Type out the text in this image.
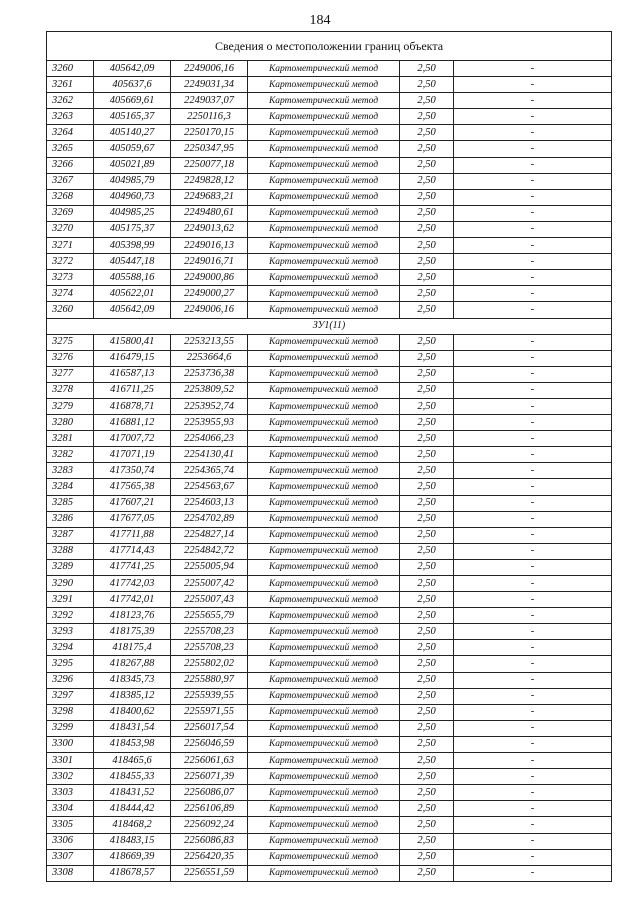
184
Сведения о местоположении границ объекта					
3260	405642,09	2249006,16	Картометрический метод	2,50	-
3261	405637,6	2249031,34	Картометрический метод	2,50	-
3262	405669,61	2249037,07	Картометрический метод	2,50	-
3263	405165,37	2250116,3	Картометрический метод	2,50	-
3264	405140,27	2250170,15	Картометрический метод	2,50	-
3265	405059,67	2250347,95	Картометрический метод	2,50	-
3266	405021,89	2250077,18	Картометрический метод	2,50	-
3267	404985,79	2249828,12	Картометрический метод	2,50	-
3268	404960,73	2249683,21	Картометрический метод	2,50	-
3269	404985,25	2249480,61	Картометрический метод	2,50	-
3270	405175,37	2249013,62	Картометрический метод	2,50	-
3271	405398,99	2249016,13	Картометрический метод	2,50	-
3272	405447,18	2249016,71	Картометрический метод	2,50	-
3273	405588,16	2249000,86	Картометрический метод	2,50	-
3274	405622,01	2249000,27	Картометрический метод	2,50	-
3260	405642,09	2249006,16	Картометрический метод	2,50	-
ЗУ1(11)					
3275	415800,41	2253213,55	Картометрический метод	2,50	-
3276	416479,15	2253664,6	Картометрический метод	2,50	-
3277	416587,13	2253736,38	Картометрический метод	2,50	-
3278	416711,25	2253809,52	Картометрический метод	2,50	-
3279	416878,71	2253952,74	Картометрический метод	2,50	-
3280	416881,12	2253955,93	Картометрический метод	2,50	-
3281	417007,72	2254066,23	Картометрический метод	2,50	-
3282	417071,19	2254130,41	Картометрический метод	2,50	-
3283	417350,74	2254365,74	Картометрический метод	2,50	-
3284	417565,38	2254563,67	Картометрический метод	2,50	-
3285	417607,21	2254603,13	Картометрический метод	2,50	-
3286	417677,05	2254702,89	Картометрический метод	2,50	-
3287	417711,88	2254827,14	Картометрический метод	2,50	-
3288	417714,43	2254842,72	Картометрический метод	2,50	-
3289	417741,25	2255005,94	Картометрический метод	2,50	-
3290	417742,03	2255007,42	Картометрический метод	2,50	-
3291	417742,01	2255007,43	Картометрический метод	2,50	-
3292	418123,76	2255655,79	Картометрический метод	2,50	-
3293	418175,39	2255708,23	Картометрический метод	2,50	-
3294	418175,4	2255708,23	Картометрический метод	2,50	-
3295	418267,88	2255802,02	Картометрический метод	2,50	-
3296	418345,73	2255880,97	Картометрический метод	2,50	-
3297	418385,12	2255939,55	Картометрический метод	2,50	-
3298	418400,62	2255971,55	Картометрический метод	2,50	-
3299	418431,54	2256017,54	Картометрический метод	2,50	-
3300	418453,98	2256046,59	Картометрический метод	2,50	-
3301	418465,6	2256061,63	Картометрический метод	2,50	-
3302	418455,33	2256071,39	Картометрический метод	2,50	-
3303	418431,52	2256086,07	Картометрический метод	2,50	-
3304	418444,42	2256106,89	Картометрический метод	2,50	-
3305	418468,2	2256092,24	Картометрический метод	2,50	-
3306	418483,15	2256086,83	Картометрический метод	2,50	-
3307	418669,39	2256420,35	Картометрический метод	2,50	-
3308	418678,57	2256551,59	Картометрический метод	2,50	-
